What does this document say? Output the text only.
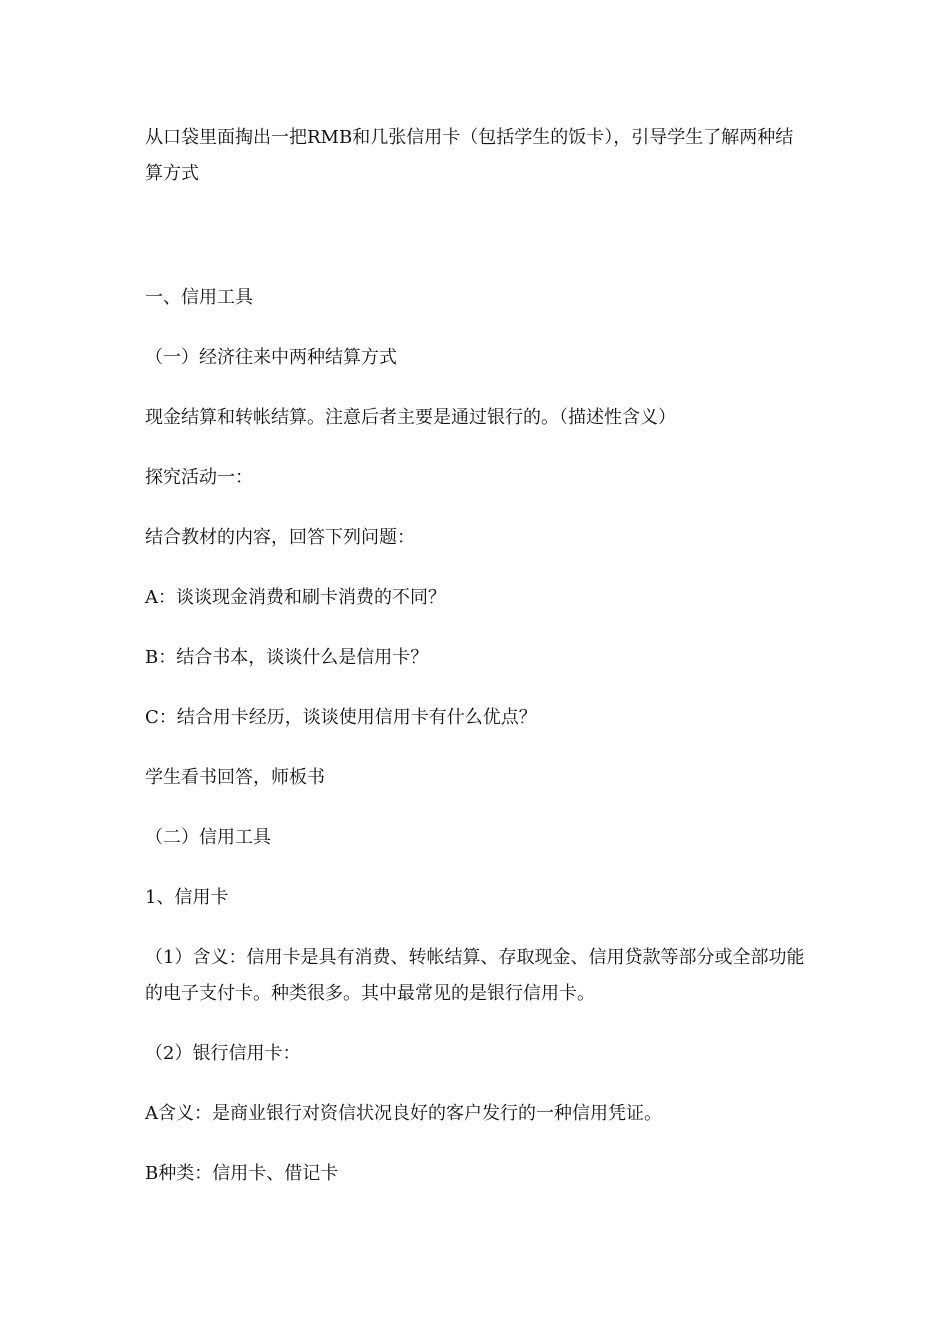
从口袋里面掏出一把RMB和几张信用卡（包括学生的饭卡），引导学生了解两种结算方式

一、信用工具

（一）经济往来中两种结算方式

现金结算和转帐结算。注意后者主要是通过银行的。（描述性含义）

探究活动一：

结合教材的内容，回答下列问题：

A：谈谈现金消费和刷卡消费的不同？

B：结合书本，谈谈什么是信用卡？

C：结合用卡经历，谈谈使用信用卡有什么优点？

学生看书回答，师板书

（二）信用工具

1、信用卡

（1）含义：信用卡是具有消费、转帐结算、存取现金、信用贷款等部分或全部功能的电子支付卡。种类很多。其中最常见的是银行信用卡。

（2）银行信用卡：

A含义：是商业银行对资信状况良好的客户发行的一种信用凭证。

B种类：信用卡、借记卡
